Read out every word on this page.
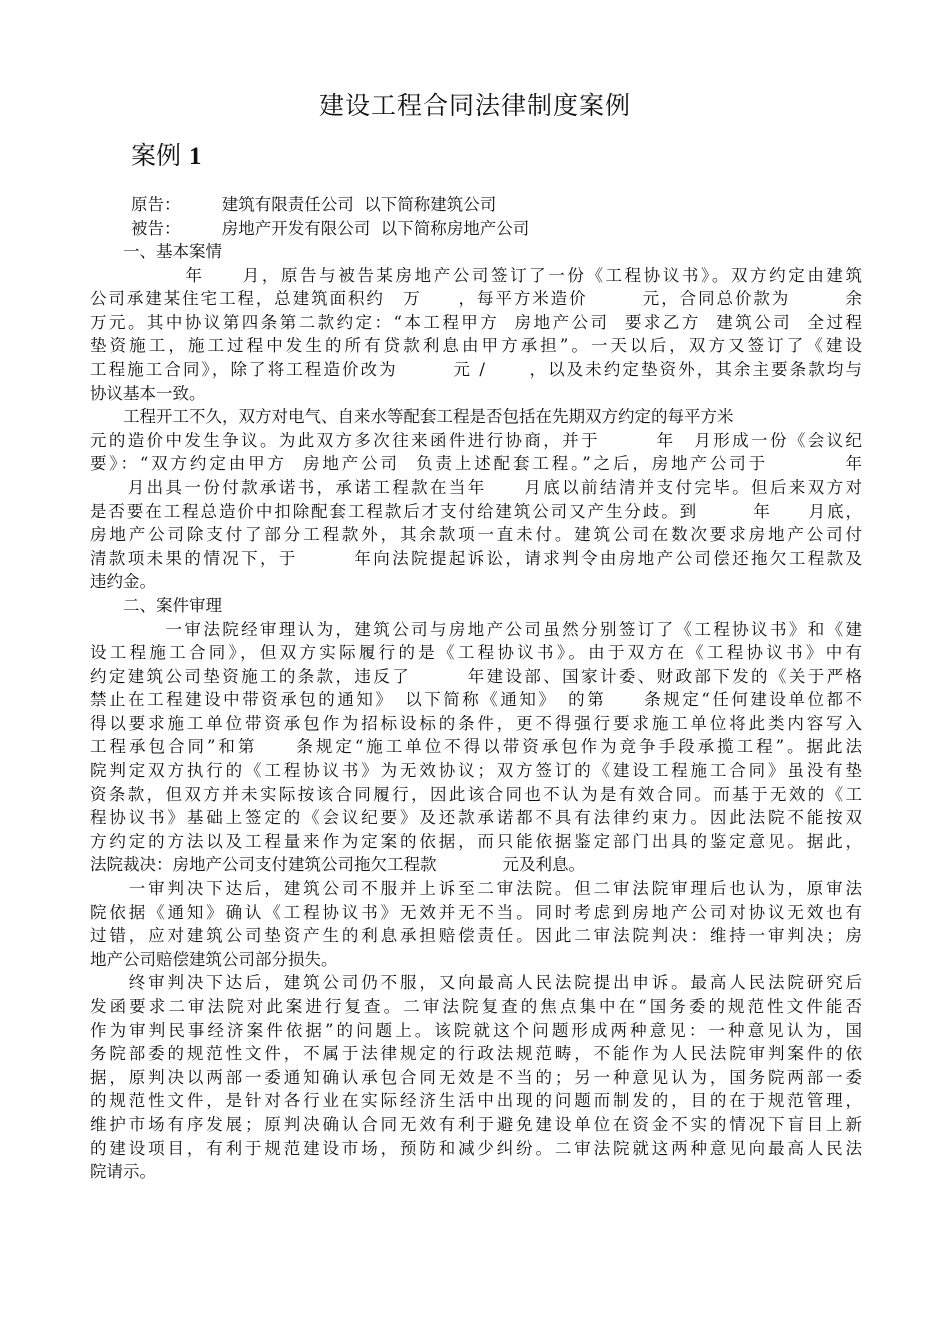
建设工程合同法律制度案例
案例 1
原告：　　　建筑有限责任公司  以下简称建筑公司
被告：　　　房地产开发有限公司  以下简称房地产公司
　　一、基本案情

　　　　　年　　月，原告与被告某房地产公司签订了一份《工程协议书》。双方约定由建筑
公司承建某住宅工程，总建筑面积约　万　　，每平方米造价　　　元，合同总价款为　　　余
万元。其中协议第四条第二款约定：“本工程甲方  房地产公司  要求乙方  建筑公司  全过程
垫资施工，施工过程中发生的所有贷款利息由甲方承担”。一天以后，双方又签订了《建设
工程施工合同》，除了将工程造价改为　　　元 / 　　，以及未约定垫资外，其余主要条款均与
协议基本一致。

　　工程开工不久，双方对电气、自来水等配套工程是否包括在先期双方约定的每平方米　　
元的造价中发生争议。为此双方多次往来函件进行协商，并于　　　年　月形成一份《会议纪
要》：“双方约定由甲方  房地产公司  负责上述配套工程。”之后，房地产公司于　　　　年
　　月出具一份付款承诺书，承诺工程款在当年　　月底以前结清并支付完毕。但后来双方对
是否要在工程总造价中扣除配套工程款后才支付给建筑公司又产生分歧。到　　　年　　月底，
房地产公司除支付了部分工程款外，其余款项一直未付。建筑公司在数次要求房地产公司付
清款项未果的情况下，于　　　年向法院提起诉讼，请求判令由房地产公司偿还拖欠工程款及
违约金。

　　二、案件审理

　　　　一审法院经审理认为，建筑公司与房地产公司虽然分别签订了《工程协议书》和《建
设工程施工合同》，但双方实际履行的是《工程协议书》。由于双方在《工程协议书》中有
约定建筑公司垫资施工的条款，违反了　　　年建设部、国家计委、财政部下发的《关于严格
禁止在工程建设中带资承包的通知》　以下简称《通知》　的第　　条规定“任何建设单位都不
得以要求施工单位带资承包作为招标设标的条件，更不得强行要求施工单位将此类内容写入
工程承包合同”和第　　条规定“施工单位不得以带资承包作为竞争手段承揽工程”。据此法
院判定双方执行的《工程协议书》为无效协议；双方签订的《建设工程施工合同》虽没有垫
资条款，但双方并未实际按该合同履行，因此该合同也不认为是有效合同。而基于无效的《工
程协议书》基础上签定的《会议纪要》及还款承诺都不具有法律约束力。因此法院不能按双
方约定的方法以及工程量来作为定案的依据，而只能依据鉴定部门出具的鉴定意见。据此，
法院裁决：房地产公司支付建筑公司拖欠工程款　　　　元及利息。

　　一审判决下达后，建筑公司不服并上诉至二审法院。但二审法院审理后也认为，原审法
院依据《通知》确认《工程协议书》无效并无不当。同时考虑到房地产公司对协议无效也有
过错，应对建筑公司垫资产生的利息承担赔偿责任。因此二审法院判决：维持一审判决；房
地产公司赔偿建筑公司部分损失。

　　终审判决下达后，建筑公司仍不服，又向最高人民法院提出申诉。最高人民法院研究后
发函要求二审法院对此案进行复查。二审法院复查的焦点集中在“国务委的规范性文件能否
作为审判民事经济案件依据”的问题上。该院就这个问题形成两种意见：一种意见认为，国
务院部委的规范性文件，不属于法律规定的行政法规范畴，不能作为人民法院审判案件的依
据，原判决以两部一委通知确认承包合同无效是不当的；另一种意见认为，国务院两部一委
的规范性文件，是针对各行业在实际经济生活中出现的问题而制发的，目的在于规范管理，
维护市场有序发展；原判决确认合同无效有利于避免建设单位在资金不实的情况下盲目上新
的建设项目，有利于规范建设市场，预防和减少纠纷。二审法院就这两种意见向最高人民法
院请示。
